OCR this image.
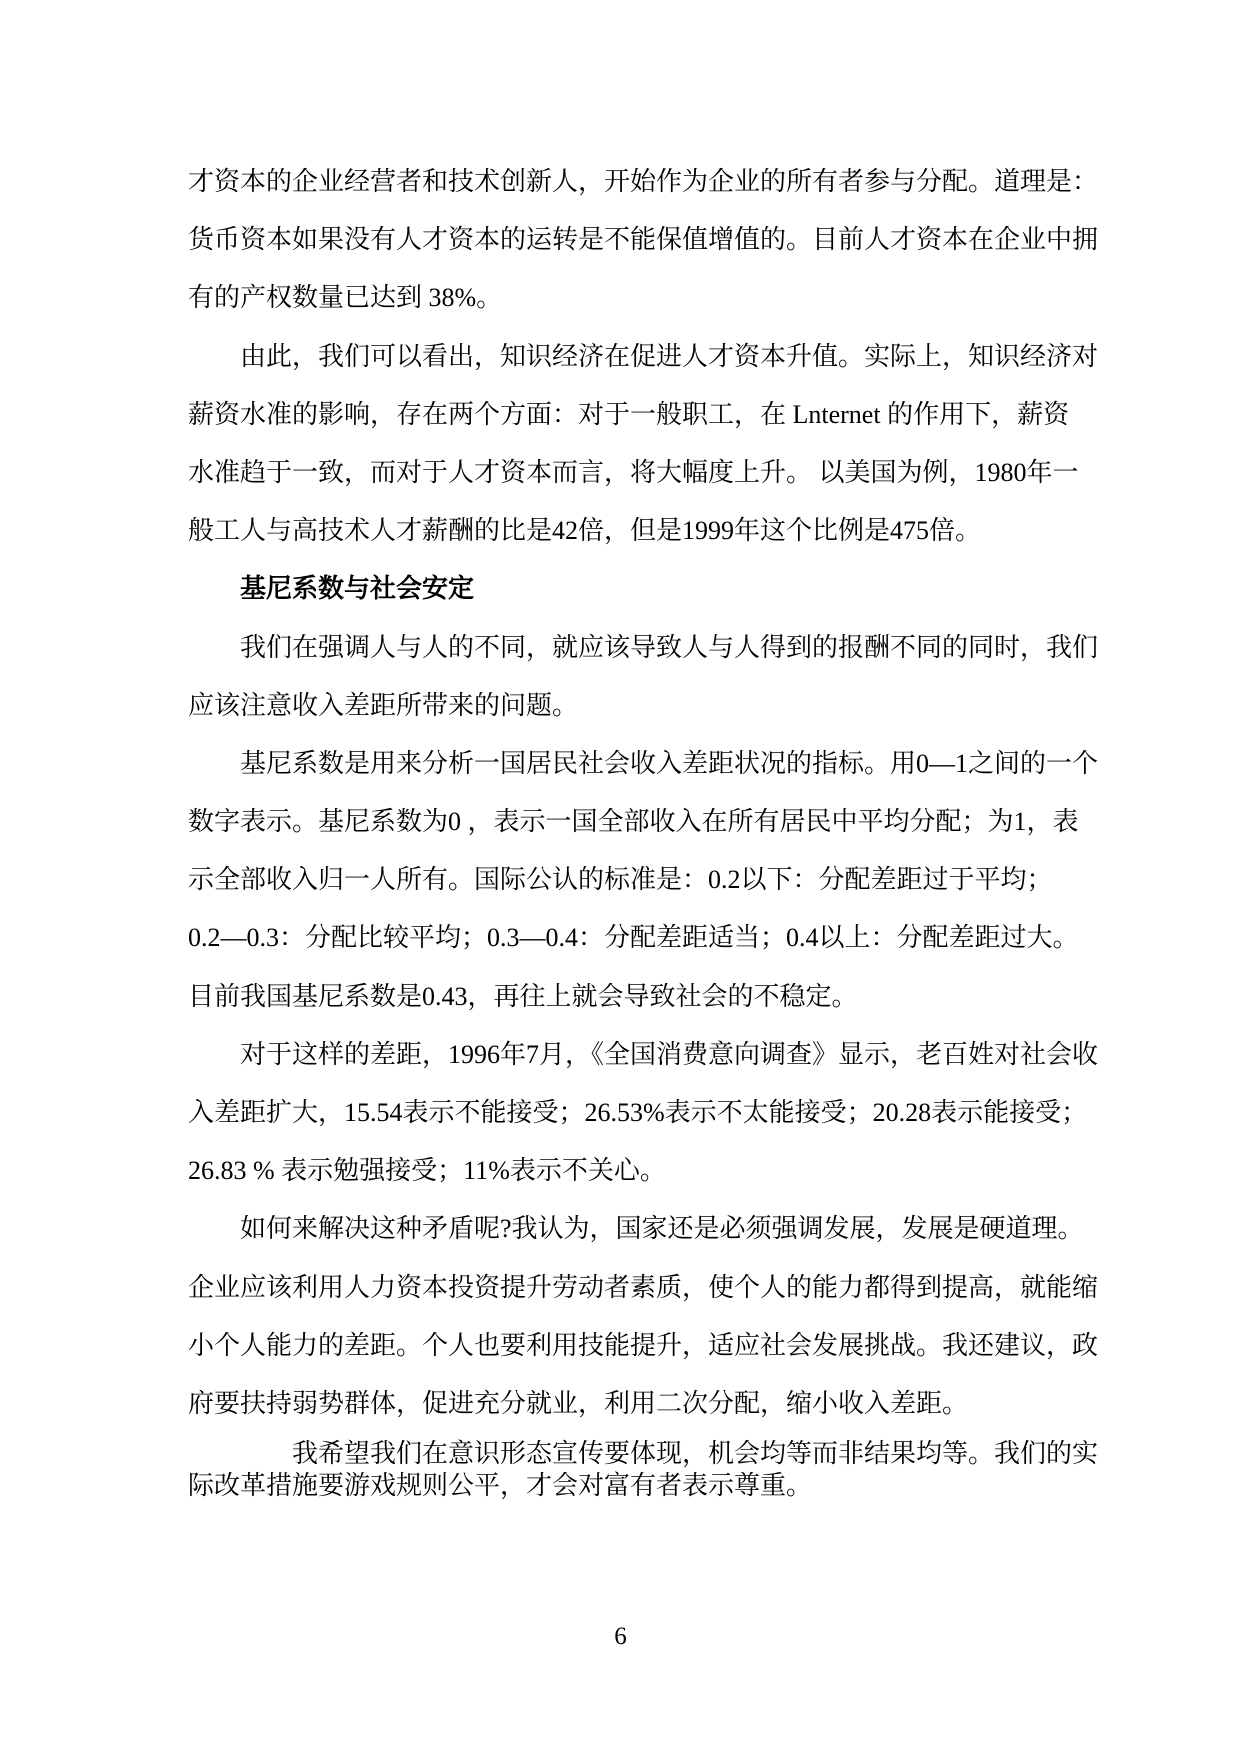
才资本的企业经营者和技术创新人，开始作为企业的所有者参与分配。道理是：
货币资本如果没有人才资本的运转是不能保值增值的。目前人才资本在企业中拥
有的产权数量已达到 38%。
由此，我们可以看出，知识经济在促进人才资本升值。实际上，知识经济对
薪资水准的影响，存在两个方面：对于一般职工，在 Lnternet 的作用下，薪资
水准趋于一致，而对于人才资本而言，将大幅度上升。 以美国为例，1980年一
般工人与高技术人才薪酬的比是42倍，但是1999年这个比例是475倍。
基尼系数与社会安定
我们在强调人与人的不同，就应该导致人与人得到的报酬不同的同时，我们
应该注意收入差距所带来的问题。
基尼系数是用来分析一国居民社会收入差距状况的指标。用0—1之间的一个
数字表示。基尼系数为0 ，表示一国全部收入在所有居民中平均分配；为1，表
示全部收入归一人所有。国际公认的标准是：0.2以下：分配差距过于平均；
0.2—0.3：分配比较平均；0.3—0.4：分配差距适当；0.4以上：分配差距过大。
目前我国基尼系数是0.43，再往上就会导致社会的不稳定。
对于这样的差距，1996年7月，《全国消费意向调查》显示，老百姓对社会收
入差距扩大，15.54表示不能接受；26.53%表示不太能接受；20.28表示能接受；
26.83 % 表示勉强接受；11%表示不关心。
如何来解决这种矛盾呢?我认为，国家还是必须强调发展，发展是硬道理。
企业应该利用人力资本投资提升劳动者素质，使个人的能力都得到提高，就能缩
小个人能力的差距。个人也要利用技能提升，适应社会发展挑战。我还建议，政
府要扶持弱势群体，促进充分就业，利用二次分配，缩小收入差距。
我希望我们在意识形态宣传要体现，机会均等而非结果均等。我们的实
际改革措施要游戏规则公平，才会对富有者表示尊重。
6
